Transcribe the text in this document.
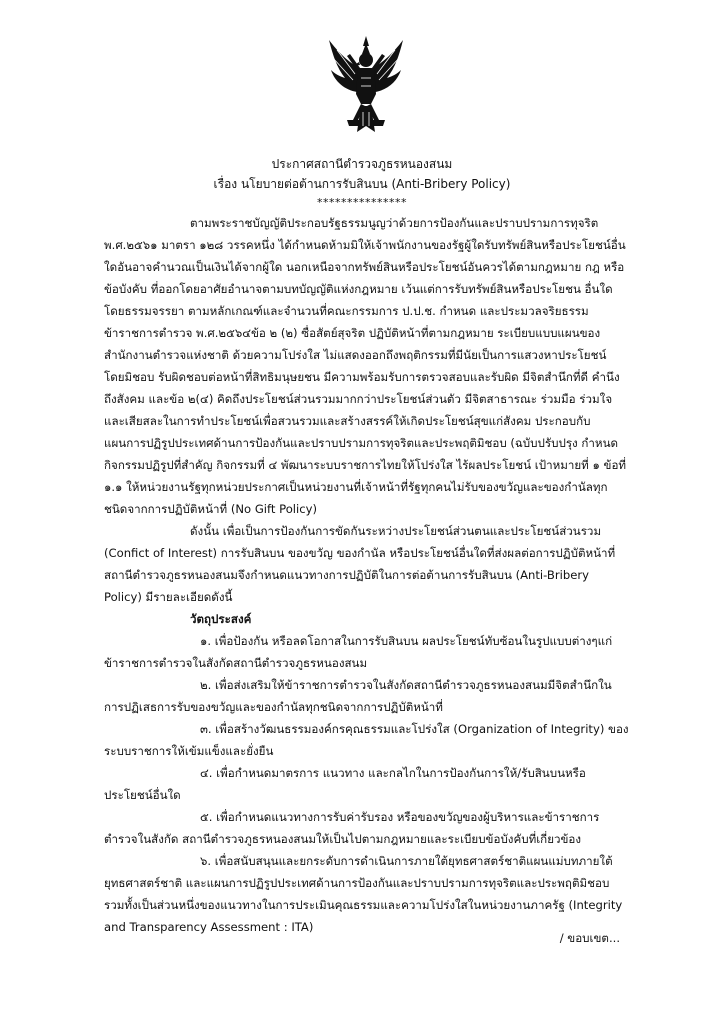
ประกาศสถานีตำรวจภูธรหนองสนม
เรื่อง นโยบายต่อต้านการรับสินบน (Anti-Bribery Policy)
***************

ตามพระราชบัญญัติประกอบรัฐธรรมนูญว่าด้วยการป้องกันและปราบปรามการทุจริต พ.ศ.๒๕๖๑ มาตรา ๑๒๘ วรรคหนึ่ง ได้กำหนดห้ามมิให้เจ้าพนักงานของรัฐผู้ใดรับทรัพย์สินหรือประโยชน์อื่นใดอันอาจคำนวณเป็นเงินได้จากผู้ใด นอกเหนือจากทรัพย์สินหรือประโยชน์อันควรได้ตามกฎหมาย กฎ หรือข้อบังคับ ที่ออกโดยอาศัยอำนาจตามบทบัญญัติแห่งกฎหมาย เว้นแต่การรับทรัพย์สินหรือประโยชน อื่นใด โดยธรรมจรรยา ตามหลักเกณฑ์และจำนวนที่คณะกรรมการ ป.ป.ช. กำหนด และประมวลจริยธรรมข้าราชการตำรวจ พ.ศ.๒๕๖๔ข้อ ๒ (๒) ซื่อสัตย์สุจริต ปฏิบัติหน้าที่ตามกฎหมาย ระเบียบแบบแผนของสำนักงานตำรวจแห่งชาติ ด้วยความโปร่งใส ไม่แสดงออกถึงพฤติกรรมที่มีนัยเป็นการแสวงหาประโยชน์ โดยมิชอบ รับผิดชอบต่อหน้าที่สิทธิมนุษยชน มีความพร้อมรับการตรวจสอบและรับผิด มีจิตสำนึกที่ดี คำนึงถึงสังคม และข้อ ๒(๔) คิดถึงประโยชน์ส่วนรวมมากกว่าประโยชน์ส่วนตัว มีจิตสาธารณะ ร่วมมือ ร่วมใจ และเสียสละในการทำประโยชน์เพื่อสวนรวมและสร้างสรรค์ให้เกิดประโยชน์สุขแก่สังคม ประกอบกับแผนการปฏิรูปประเทศด้านการป้องกันและปราบปรามการทุจริตและประพฤติมิชอบ (ฉบับปรับปรุง กำหนดกิจกรรมปฏิรูปที่สำคัญ กิจกรรมที่ ๔ พัฒนาระบบราชการไทยให้โปร่งใส ไร้ผลประโยชน์ เป้าหมายที่ ๑ ข้อที่ ๑.๑ ให้หน่วยงานรัฐทุกหน่วยประกาศเป็นหน่วยงานที่เจ้าหน้าที่รัฐทุกคนไม่รับของขวัญและของกำนัลทุกชนิดจากการปฏิบัติหน้าที่ (No Gift Policy)

ดังนั้น เพื่อเป็นการป้องกันการขัดกันระหว่างประโยชน์ส่วนตนและประโยชน์ส่วนรวม (Confict of Interest) การรับสินบน ของขวัญ ของกำนัล หรือประโยชน์อื่นใดที่ส่งผลต่อการปฏิบัติหน้าที่ สถานีตำรวจภูธรหนองสนมจึงกำหนดแนวทางการปฏิบัติในการต่อต้านการรับสินบน (Anti-Bribery Policy) มีรายละเอียดดังนี้

วัตถุประสงค์

๑. เพื่อป้องกัน หรือลดโอกาสในการรับสินบน ผลประโยชน์ทับซ้อนในรูปแบบต่างๆแก่ข้าราชการตำรวจในสังกัดสถานีตำรวจภูธรหนองสนม

๒. เพื่อส่งเสริมให้ข้าราชการตำรวจในสังกัดสถานีตำรวจภูธรหนองสนมมีจิตสำนึกในการปฏิเสธการรับของขวัญและของกำนัลทุกชนิดจากการปฏิบัติหน้าที่

๓. เพื่อสร้างวัฒนธรรมองค์กรคุณธรรมและโปร่งใส (Organization of Integrity) ของระบบราชการให้เข้มแข็งและยั่งยืน

๔. เพื่อกำหนดมาตรการ แนวทาง และกลไกในการป้องกันการให้/รับสินบนหรือประโยชน์อื่นใด

๕. เพื่อกำหนดแนวทางการรับค่ารับรอง หรือของขวัญของผู้บริหารและข้าราชการตำรวจในสังกัด สถานีตำรวจภูธรหนองสนมให้เป็นไปตามกฎหมายและระเบียบข้อบังคับที่เกี่ยวข้อง

๖. เพื่อสนับสนุนและยกระดับการดำเนินการภายใต้ยุทธศาสตร์ชาติแผนแม่บทภายใต้ยุทธศาสตร์ชาติ และแผนการปฏิรูปประเทศด้านการป้องกันและปราบปรามการทุจริตและประพฤติมิชอบ รวมทั้งเป็นส่วนหนึ่งของแนวทางในการประเมินคุณธรรมและความโปร่งใสในหน่วยงานภาครัฐ (Integrity and Transparency Assessment : ITA)

/ ขอบเขต...
